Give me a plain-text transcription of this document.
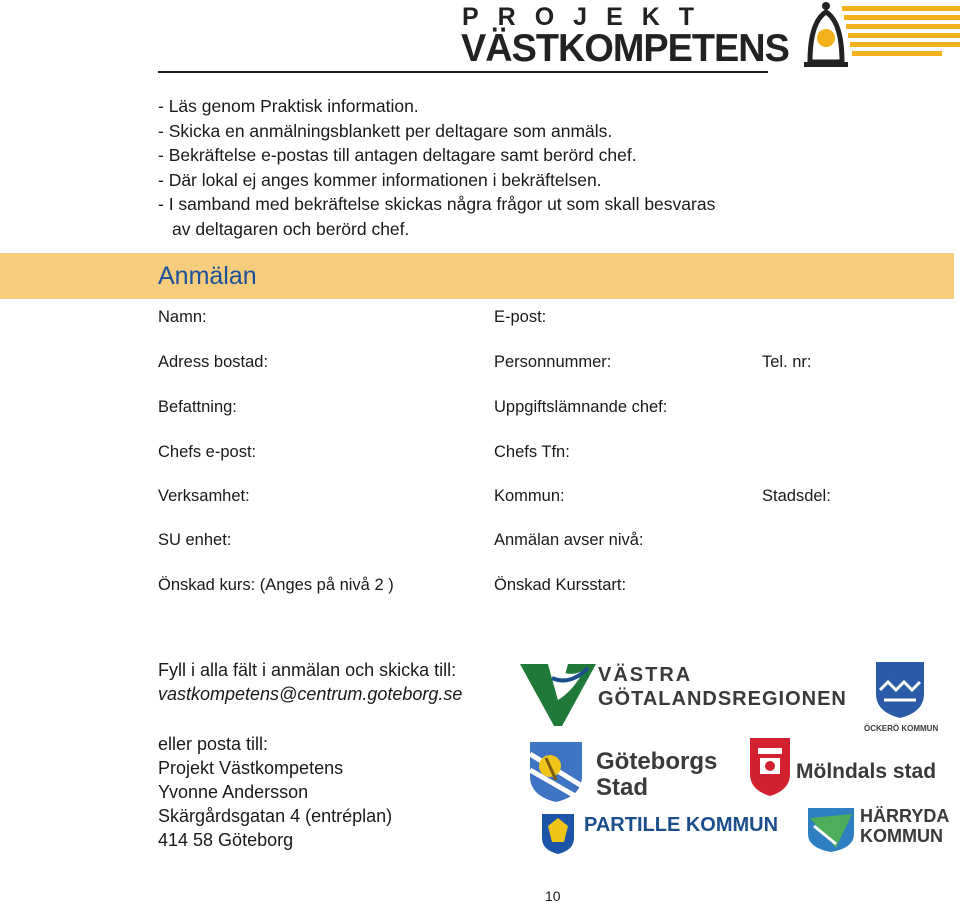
PROJEKT
VÄSTKOMPETENS
- Läs genom Praktisk information.
- Skicka en anmälningsblankett per deltagare som anmäls.
- Bekräftelse e-postas till antagen deltagare samt berörd chef.
- Där lokal ej anges kommer informationen i bekräftelsen.
- I samband med bekräftelse skickas några frågor ut som skall besvaras
av deltagaren och berörd chef.
Anmälan
Namn:	E-post:
Adress bostad:	Personnummer:	Tel. nr:
Befattning:	Uppgiftslämnande chef:
Chefs e-post:	Chefs Tfn:
Verksamhet:	Kommun:	Stadsdel:
SU enhet:	Anmälan avser nivå:
Önskad kurs: (Anges på nivå 2 )	Önskad Kursstart:
Fyll i alla fält i anmälan och skicka till:
vastkompetens@centrum.goteborg.se
eller posta till:
Projekt Västkompetens
Yvonne Andersson
Skärgårdsgatan 4 (entréplan)
414 58 Göteborg
VÄSTRA
GÖTALANDSREGIONEN
ÖCKERÖ KOMMUN
Göteborgs
Stad
Mölndals stad
PARTILLE KOMMUN	HÄRRYDA
KOMMUN
10
